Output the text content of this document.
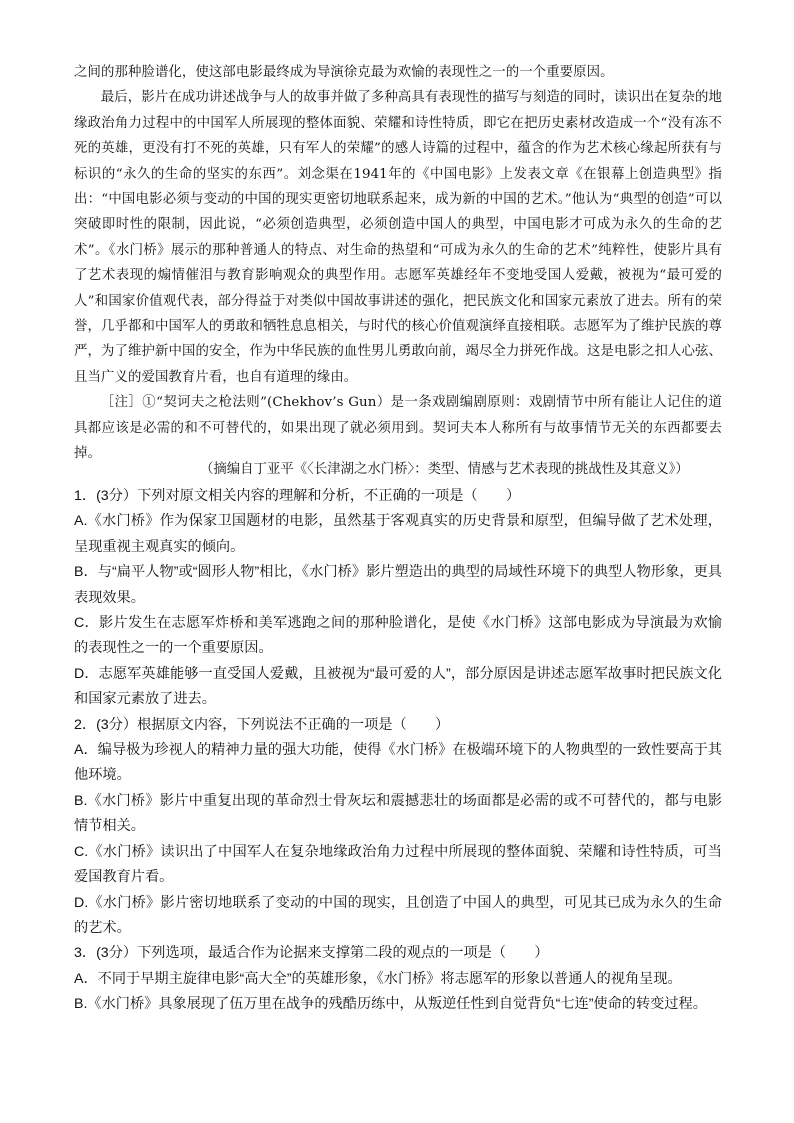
之间的那种脸谱化，使这部电影最终成为导演徐克最为欢愉的表现性之一的一个重要原因。

最后，影片在成功讲述战争与人的故事并做了多种高具有表现性的描写与刻造的同时，读识出在复杂的地缘政治角力过程中的中国军人所展现的整体面貌、荣耀和诗性特质，即它在把历史素材改造成一个“没有冻不死的英雄，更没有打不死的英雄，只有军人的荣耀”的感人诗篇的过程中，蕴含的作为艺术核心缘起所获有与标识的“永久的生命的坚实的东西”。刘念渠在1941年的《中国电影》上发表文章《在银幕上创造典型》指出：“中国电影必须与变动的中国的现实更密切地联系起来，成为新的中国的艺术。”他认为“典型的创造”可以突破即时性的限制，因此说，“必须创造典型，必须创造中国人的典型，中国电影才可成为永久的生命的艺术”。《水门桥》展示的那种普通人的特点、对生命的热望和“可成为永久的生命的艺术”纯粹性，使影片具有了艺术表现的煽情催泪与教育影响观众的典型作用。志愿军英雄经年不变地受国人爱戴，被视为“最可爱的人”和国家价值观代表，部分得益于对类似中国故事讲述的强化，把民族文化和国家元素放了进去。所有的荣誉，几乎都和中国军人的勇敢和牺牲息息相关，与时代的核心价值观演绎直接相联。志愿军为了维护民族的尊严，为了维护新中国的安全，作为中华民族的血性男儿勇敢向前，竭尽全力拼死作战。这是电影之扣人心弦、且当广义的爱国教育片看，也自有道理的缘由。

［注］①“契诃夫之枪法则”(Chekhov’s Gun）是一条戏剧编剧原则：戏剧情节中所有能让人记住的道具都应该是必需的和不可替代的，如果出现了就必须用到。契诃夫本人称所有与故事情节无关的东西都要去掉。

（摘编自丁亚平《〈长津湖之水门桥〉：类型、情感与艺术表现的挑战性及其意义》）

1．(3分）下列对原文相关内容的理解和分析，不正确的一项是（　　）

A.《水门桥》作为保家卫国题材的电影，虽然基于客观真实的历史背景和原型，但编导做了艺术处理，呈现重视主观真实的倾向。

B．与“扁平人物”或“圆形人物”相比，《水门桥》影片塑造出的典型的局域性环境下的典型人物形象，更具表现效果。

C．影片发生在志愿军炸桥和美军逃跑之间的那种脸谱化，是使《水门桥》这部电影成为导演最为欢愉的表现性之一的一个重要原因。

D．志愿军英雄能够一直受国人爱戴，且被视为“最可爱的人”，部分原因是讲述志愿军故事时把民族文化和国家元素放了进去。

2．(3分）根据原文内容，下列说法不正确的一项是（　　）

A．编导极为珍视人的精神力量的强大功能，使得《水门桥》在极端环境下的人物典型的一致性要高于其他环境。

B.《水门桥》影片中重复出现的革命烈士骨灰坛和震撼悲壮的场面都是必需的或不可替代的，都与电影情节相关。

C.《水门桥》读识出了中国军人在复杂地缘政治角力过程中所展现的整体面貌、荣耀和诗性特质，可当爱国教育片看。

D.《水门桥》影片密切地联系了变动的中国的现实，且创造了中国人的典型，可见其已成为永久的生命的艺术。

3．(3分）下列选项，最适合作为论据来支撑第二段的观点的一项是（　　）

A．不同于早期主旋律电影“高大全”的英雄形象，《水门桥》将志愿军的形象以普通人的视角呈现。

B.《水门桥》具象展现了伍万里在战争的残酷历练中，从叛逆任性到自觉背负“七连”使命的转变过程。
